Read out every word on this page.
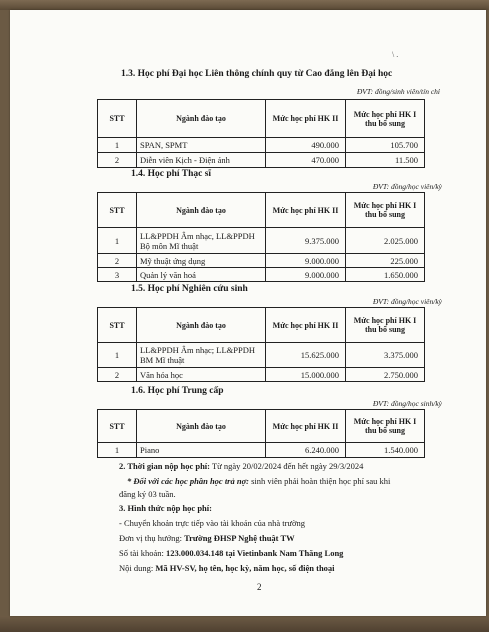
\ .
1.3. Học phí Đại học Liên thông chính quy từ Cao đẳng lên Đại học
ĐVT: đồng/sinh viên/tín chỉ
STT	Ngành đào tạo	Mức học phí HK II	Mức học phí HK I thu bổ sung
1	SPAN, SPMT	490.000	105.700
2	Diễn viên Kịch - Điện ảnh	470.000	11.500
1.4. Học phí Thạc sĩ
ĐVT: đồng/học viên/kỳ
STT	Ngành đào tạo	Mức học phí HK II	Mức học phí HK I thu bổ sung
1	LL&PPDH Âm nhạc, LL&PPDH Bộ môn Mĩ thuật	9.375.000	2.025.000
2	Mỹ thuật ứng dụng	9.000.000	225.000
3	Quản lý văn hoá	9.000.000	1.650.000
1.5. Học phí Nghiên cứu sinh
ĐVT: đồng/học viên/kỳ
STT	Ngành đào tạo	Mức học phí HK II	Mức học phí HK I thu bổ sung
1	LL&PPDH Âm nhạc; LL&PPDH BM Mĩ thuật	15.625.000	3.375.000
2	Văn hóa học	15.000.000	2.750.000
1.6. Học phí Trung cấp
ĐVT: đồng/học sinh/kỳ
STT	Ngành đào tạo	Mức học phí HK II	Mức học phí HK I thu bổ sung
1	Piano	6.240.000	1.540.000
2. Thời gian nộp học phí: Từ ngày 20/02/2024 đến hết ngày 29/3/2024
* Đối với các học phần học trả nợ: sinh viên phải hoàn thiện học phí sau khi
đăng ký 03 tuần.
3. Hình thức nộp học phí:
- Chuyển khoản trực tiếp vào tài khoản của nhà trường
Đơn vị thụ hưởng: Trường ĐHSP Nghệ thuật TW
Số tài khoản: 123.000.034.148 tại Vietinbank Nam Thăng Long
Nội dung: Mã HV-SV, họ tên, học kỳ, năm học, số điện thoại
2
